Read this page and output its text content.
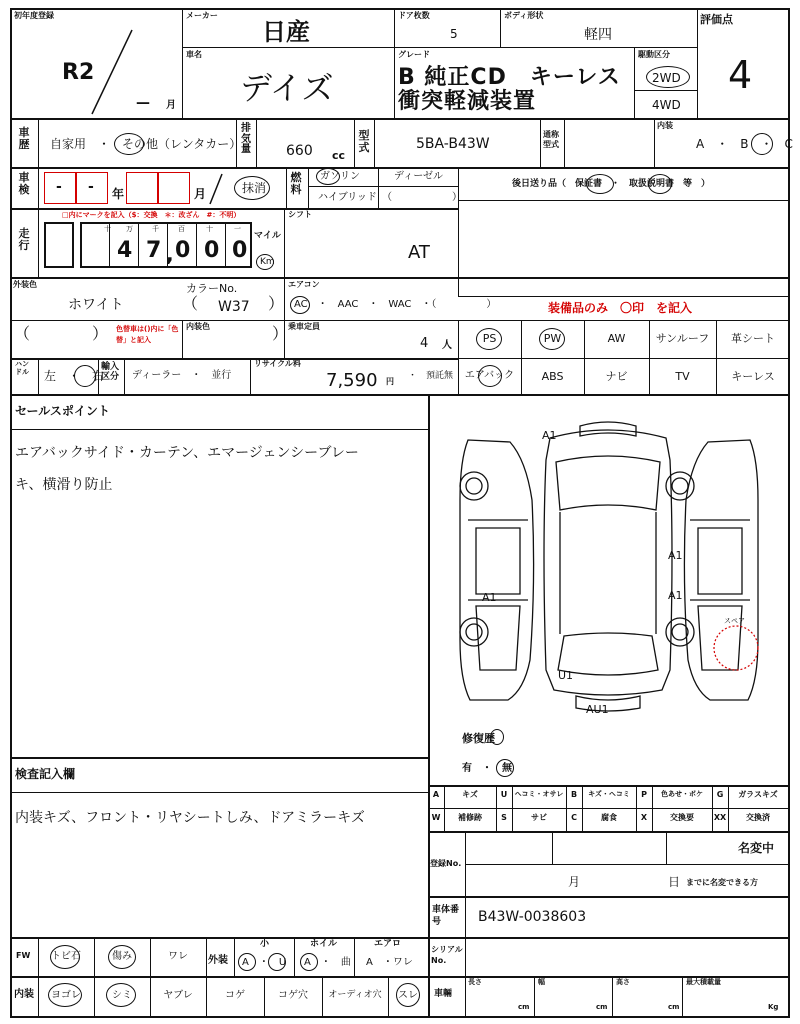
初年度登録
R2
— 月
メーカー
日産
ドア枚数
5
ボディ形状
軽四
評価点
4
車名
デイズ
グレード
B 純正CD　キーレス　衝突軽減装置
駆動区分
2WD
4WD
車歴 自家用　・　その他（レンタカー）
排気量	660 cc
型式	5BA-B43W
通称型式
内装
A　・　B　・　C
車検 - - 年	月	抹消
燃料
ガソリン	ディーゼル
ハイブリッド （　　　　　　）
後日送り品（　保証書　・　取扱説明書　等　）
走行
□内にマークを記入（$：交換　＊：改ざん　#：不明）
十 万	千	百	十	一
4 7 , 0 0 0
マイル
Km
シフト
AT
外装色
ホワイト
カラーNo.
（ W37 ）
エアコン
AC　・　AAC　・　WAC　・（　　　　　）	装備品のみ　〇印　を記入
（	） 色替車は()内に「色替」と記入
内装色	） 乗車定員
4 人
PS	PW	AW	サンルーフ	革シート
エアバック	ABS	ナビ	TV	キーレス
ハンドル 左　・　右
輸入区分	ディーラー　・　並行
リサイクル料
7,590 円
・　預託無
セールスポイント
エアバックサイド・カーテン、エマージェンシーブレー
キ、横滑り防止
A1
A1
A1
A1
U1
AU1
スペア
修復歴
有　・　無
検査記入欄
内装キズ、フロント・リヤシートしみ、ドアミラーキズ
A	キズ	U	ヘコミ・オサレ B	キズ・ヘコミ	P	色あせ・ボケ	G	ガラスキズ
W	補修跡	S	サビ	C	腐食	X	交換要	XX	交換済
登録No.
名変中
月	日 までに名変できる方
車体番号	B43W-0038603
FW	トビ石	傷み	ワレ	外装
小	ホイル	エアロ
A　・　U A　・　曲 A　・ワレ
内装	ヨゴレ	シミ	ヤブレ	コゲ	コゲ穴	オーディオ穴	スレ
シリアルNo.
車輛
長さ
cm
幅
cm
高さ
cm
最大積載量
Kg
